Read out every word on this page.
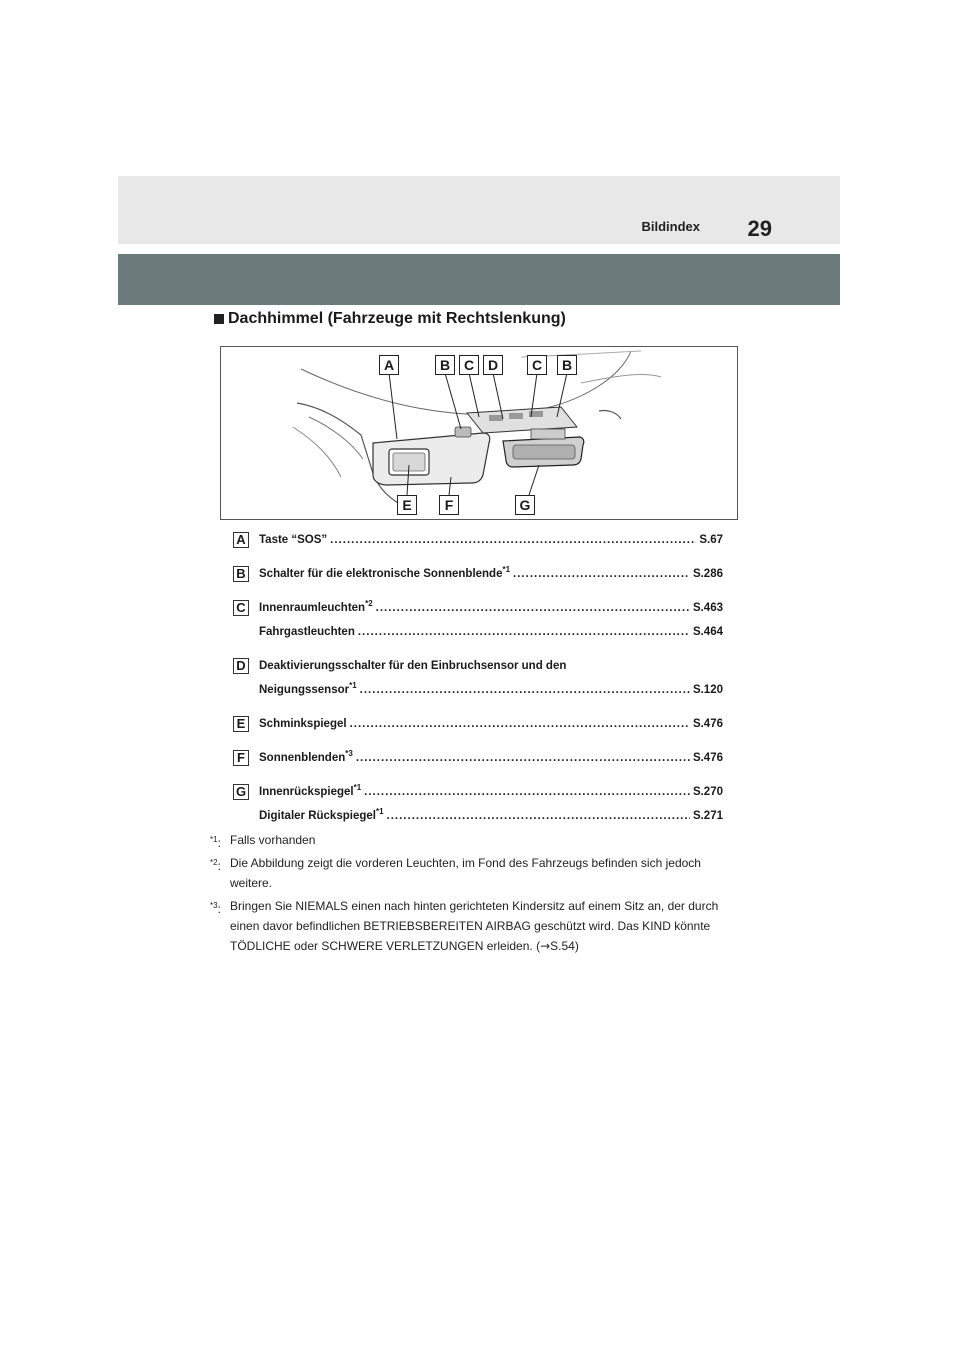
Bildindex 29
Dachhimmel (Fahrzeuge mit Rechtslenkung)
A	B C D	C	B
E	F	G
A Taste “SOS” .....	S.67
B Schalter für die elektronische Sonnenblende$^{*1}$ .....	S.286
C Innenraumleuchten$^{*2}$ .....	S.463
Fahrgastleuchten .....	S.464
D Deaktivierungsschalter für den Einbruchsensor und den
Neigungssensor$^{*1}$ .....	S.120
E	Schminkspiegel .....	S.476
F	Sonnenblenden$^{*3}$ .....	S.476
G Innenrückspiegel$^{*1}$ .....	S.270
Digitaler Rückspiegel$^{*1}$ .....	S.271
$^{*1}$: Falls vorhanden
$^{*2}$: Die Abbildung zeigt die vorderen Leuchten, im Fond des Fahrzeugs befinden sich jedoch weitere.
$^{*3}$: Bringen Sie NIEMALS einen nach hinten gerichteten Kindersitz auf einem Sitz an, der durch einen davor befindlichen BETRIEBSBEREITEN AIRBAG geschützt wird. Das KIND könnte TÖDLICHE oder SCHWERE VERLETZUNGEN erleiden. (→S.54)
